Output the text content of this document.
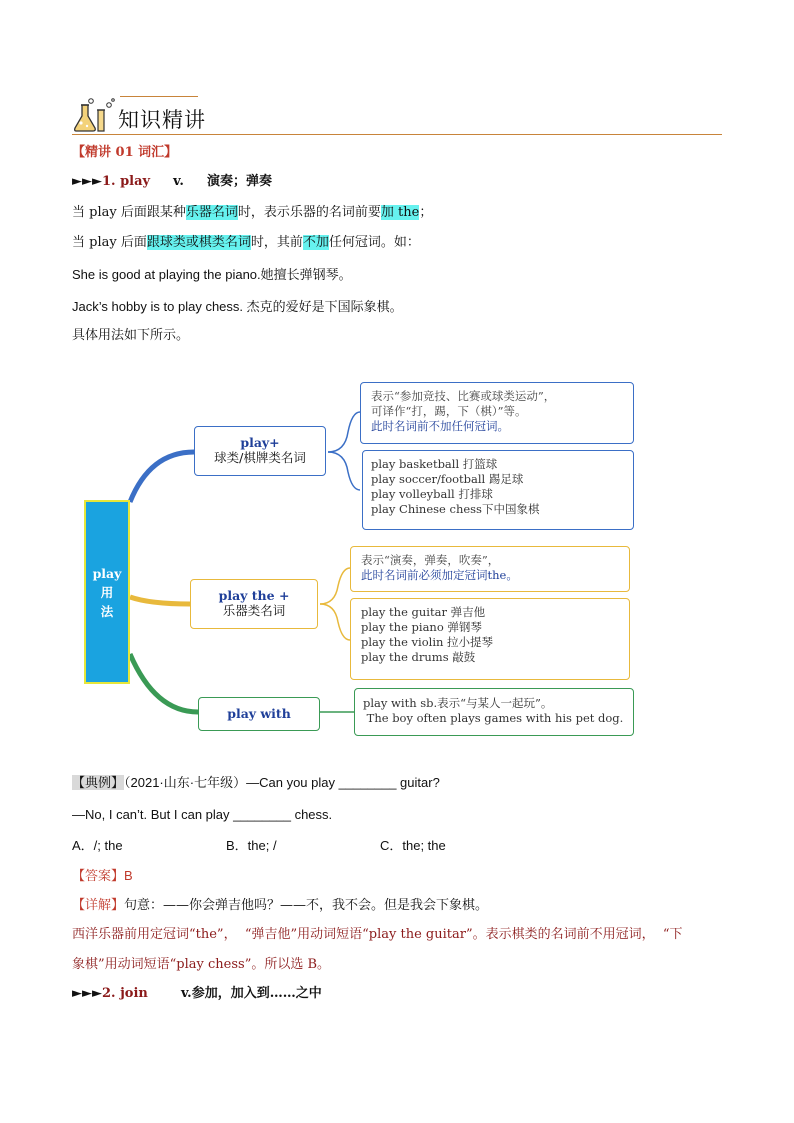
知识精讲
【精讲 01 词汇】
►►►1. play v. 演奏；弹奏
当 play 后面跟某种乐器名词时，表示乐器的名词前要加 the；
当 play 后面跟球类或棋类名词时，其前不加任何冠词。如：
She is good at playing the piano.她擅长弹钢琴。
Jack’s hobby is to play chess. 杰克的爱好是下国际象棋。
具体用法如下所示。
play
用
法
play+
球类/棋牌类名词
表示“参加竞技、比赛或球类运动”，
可译作“打，踢，下（棋）”等。
此时名词前不加任何冠词。
play basketball 打篮球
play soccer/football 踢足球
play volleyball 打排球
play Chinese chess下中国象棋
play the +
乐器类名词
表示“演奏，弹奏，吹奏”，
此时名词前必须加定冠词the。
play the guitar 弹吉他
play the piano 弹钢琴
play the violin 拉小提琴
play the drums 敲鼓
play with
play with sb.表示“与某人一起玩”。
The boy often plays games with his pet dog.
【典例】（2021·山东·七年级）—Can you play ________ guitar?
—No, I can’t. But I can play ________ chess.
A．/; the	B．the; /	C．the; the
【答案】B
【详解】句意：——你会弹吉他吗？——不，我不会。但是我会下象棋。
西洋乐器前用定冠词“the”，  “弹吉他”用动词短语“play the guitar”。表示棋类的名词前不用冠词，  “下
象棋”用动词短语“play chess”。所以选 B。
►►►2. join	v.参加，加入到……之中
